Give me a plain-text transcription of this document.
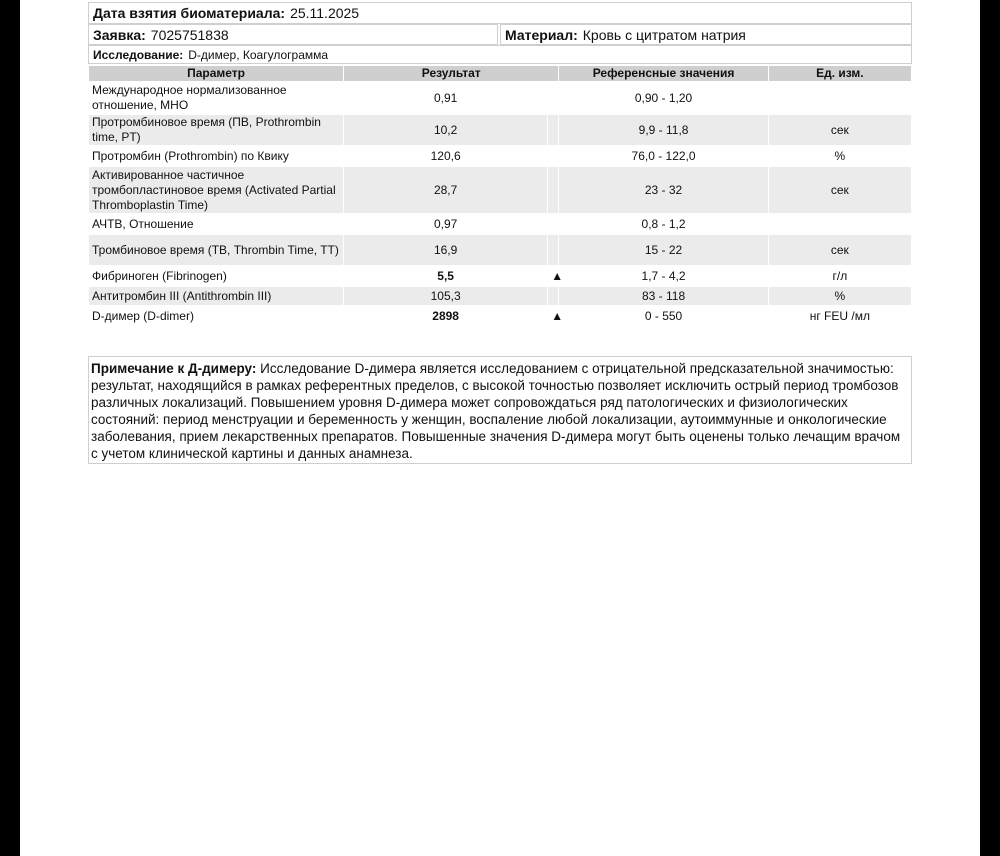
Дата взятия биоматериала: 25.11.2025
Заявка: 7025751838	Материал: Кровь с цитратом натрия
Исследование: D-димер, Коагулограмма
Параметр	Результат		Референсные значения	Ед. изм.
Международное нормализованное отношение, МНО	0,91		0,90 - 1,20	
Протромбиновое время (ПВ, Prothrombin time, PT)	10,2		9,9 - 11,8	сек
Протромбин (Prothrombin) по Квику	120,6		76,0 - 122,0	%
Активированное частичное тромбопластиновое время (Activated Partial Thromboplastin Time)	28,7		23 - 32	сек
АЧТВ, Отношение	0,97		0,8 - 1,2	
Тромбиновое время (ТВ, Thrombin Time, TT)	16,9		15 - 22	сек
Фибриноген (Fibrinogen)	5,5	▲	1,7 - 4,2	г/л
Антитромбин III (Antithrombin III)	105,3		83 - 118	%
D-димер (D-dimer)	2898	▲	0 - 550	нг FEU /мл
Примечание к Д-димеру: Исследование D-димера является исследованием с отрицательной предсказательной значимостью: результат, находящийся в рамках референтных пределов, с высокой точностью позволяет исключить острый период тромбозов различных локализаций. Повышением уровня D-димера может сопровождаться ряд патологических и физиологических состояний: период менструации и беременность у женщин, воспаление любой локализации, аутоиммунные и онкологические заболевания, прием лекарственных препаратов. Повышенные значения D-димера могут быть оценены только лечащим врачом с учетом клинической картины и данных анамнеза.
